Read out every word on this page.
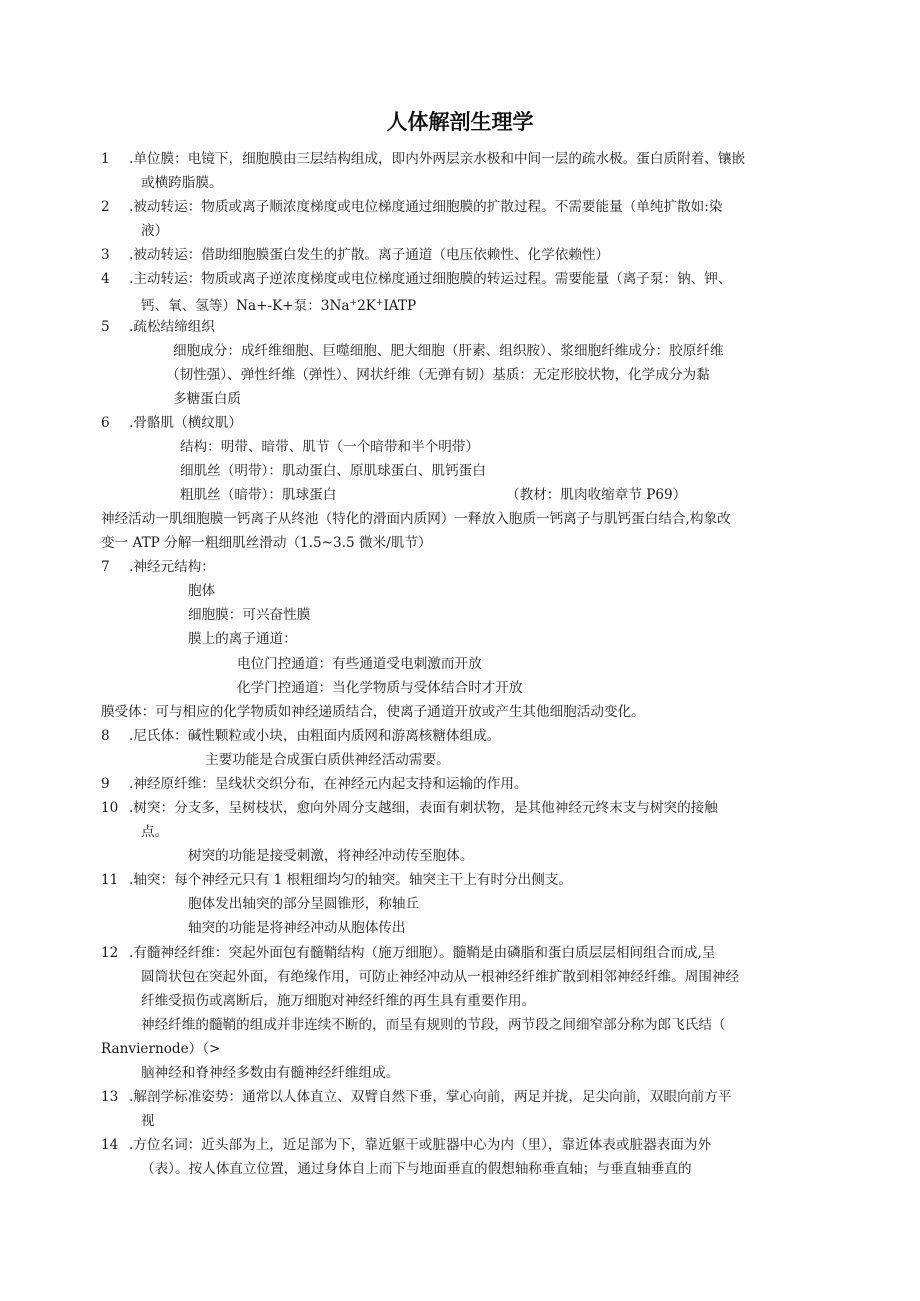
人体解剖生理学
1 .单位膜：电镜下，细胞膜由三层结构组成，即内外两层亲水极和中间一层的疏水极。蛋白质附着、镶嵌
或横跨脂膜。
2 .被动转运：物质或离子顺浓度梯度或电位梯度通过细胞膜的扩散过程。不需要能量（单纯扩散如:染
液）
3 .被动转运：借助细胞膜蛋白发生的扩散。离子通道（电压依赖性、化学依赖性）
4 .主动转运：物质或离子逆浓度梯度或电位梯度通过细胞膜的转运过程。需要能量（离子泵：钠、钾、
钙、氧、氢等）Na+-K+泵：3Na+2K+IATP
5 .疏松结缔组织
细胞成分：成纤维细胞、巨噬细胞、肥大细胞（肝素、组织胺）、浆细胞纤维成分：胶原纤维
（韧性强）、弹性纤维（弹性）、网状纤维（无弹有韧）基质：无定形胶状物，化学成分为黏
多糖蛋白质
6 .骨骼肌（横纹肌）
结构：明带、暗带、肌节（一个暗带和半个明带）
细肌丝（明带）：肌动蛋白、原肌球蛋白、肌钙蛋白
粗肌丝（暗带）：肌球蛋白	（教材：肌肉收缩章节 P69）
神经活动一肌细胞膜一钙离子从终池（特化的滑面内质网）一释放入胞质一钙离子与肌钙蛋白结合,构象改
变一 ATP 分解一粗细肌丝滑动（1.5~3.5 微米/肌节）
7 .神经元结构：
胞体
细胞膜：可兴奋性膜
膜上的离子通道：
电位门控通道：有些通道受电刺激而开放
化学门控通道：当化学物质与受体结合时才开放
膜受体：可与相应的化学物质如神经递质结合，使离子通道开放或产生其他细胞活动变化。
8 .尼氏体：碱性颗粒或小块，由粗面内质网和游离核糖体组成。
主要功能是合成蛋白质供神经活动需要。
9 .神经原纤维：呈线状交织分布，在神经元内起支持和运输的作用。
10 .树突：分支多，呈树枝状，愈向外周分支越细，表面有刺状物，是其他神经元终末支与树突的接触
点。
树突的功能是接受刺激，将神经冲动传至胞体。
11 .轴突：每个神经元只有 1 根粗细均匀的轴突。轴突主干上有时分出侧支。
胞体发出轴突的部分呈圆锥形，称轴丘
轴突的功能是将神经冲动从胞体传出
12 .有髓神经纤维：突起外面包有髓鞘结构（施万细胞）。髓鞘是由磷脂和蛋白质层层相间组合而成,呈
圆筒状包在突起外面，有绝缘作用，可防止神经冲动从一根神经纤维扩散到相邻神经纤维。周围神经
纤维受损伤或离断后，施万细胞对神经纤维的再生具有重要作用。
神经纤维的髓鞘的组成并非连续不断的，而呈有规则的节段，两节段之间细窄部分称为郎飞氏结（
Ranviernode）（>
脑神经和脊神经多数由有髓神经纤维组成。
13 .解剖学标准姿势：通常以人体直立、双臂自然下垂，掌心向前，两足并拢，足尖向前，双眼向前方平
视
14 .方位名词：近头部为上，近足部为下，靠近躯干或脏器中心为内（里），靠近体表或脏器表面为外
（表）。按人体直立位置，通过身体自上而下与地面垂直的假想轴称垂直轴；与垂直轴垂直的
